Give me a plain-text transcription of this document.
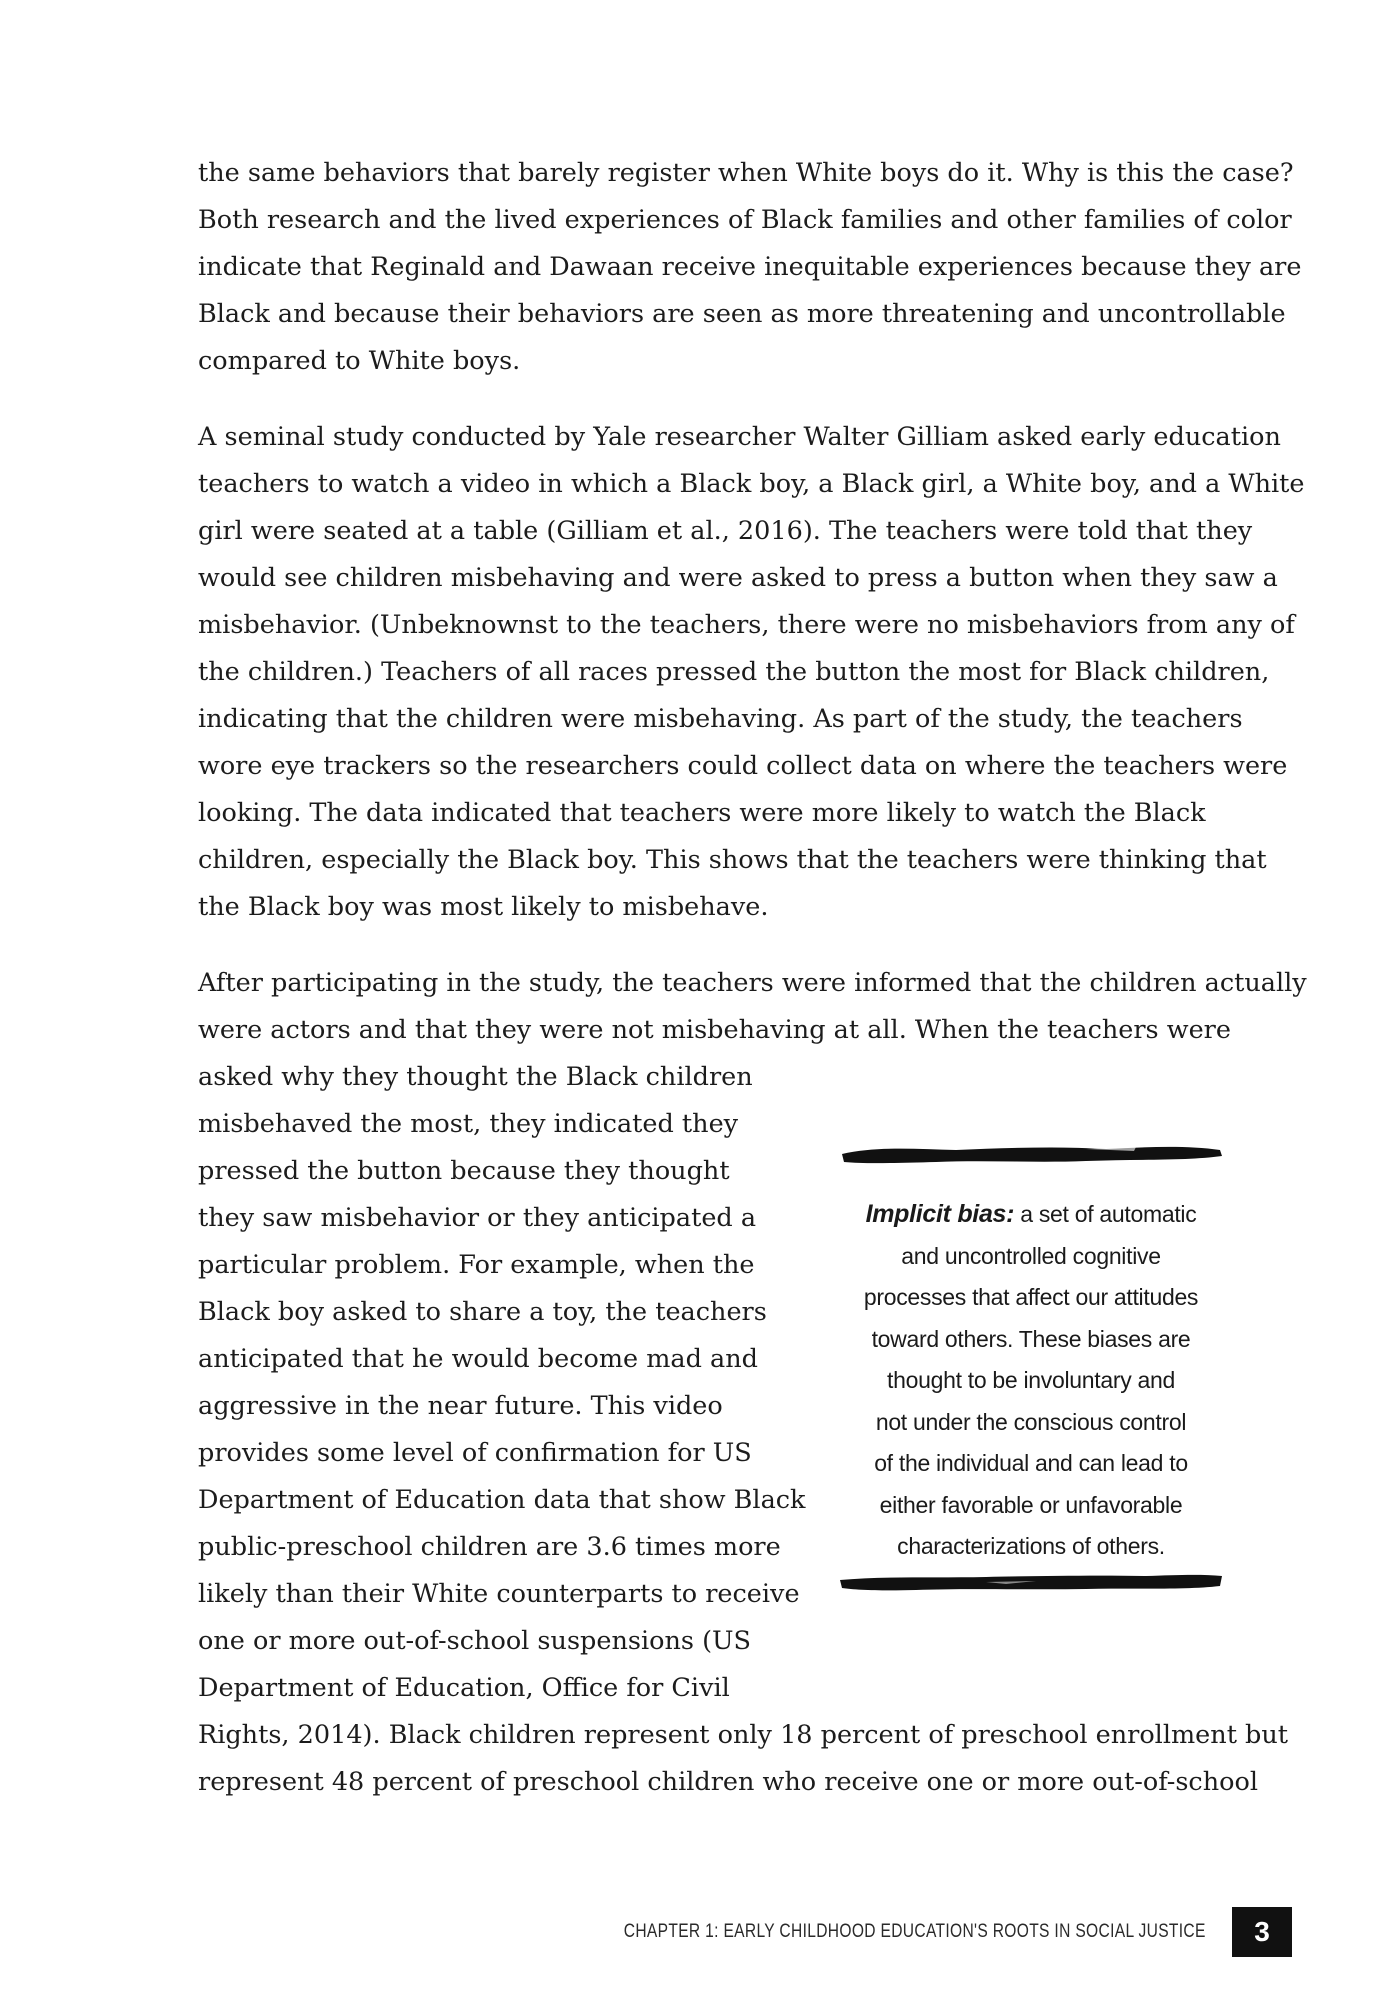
the same behaviors that barely register when White boys do it. Why is this the case?
Both research and the lived experiences of Black families and other families of color
indicate that Reginald and Dawaan receive inequitable experiences because they are
Black and because their behaviors are seen as more threatening and uncontrollable
compared to White boys.
A seminal study conducted by Yale researcher Walter Gilliam asked early education
teachers to watch a video in which a Black boy, a Black girl, a White boy, and a White
girl were seated at a table (Gilliam et al., 2016). The teachers were told that they
would see children misbehaving and were asked to press a button when they saw a
misbehavior. (Unbeknownst to the teachers, there were no misbehaviors from any of
the children.) Teachers of all races pressed the button the most for Black children,
indicating that the children were misbehaving. As part of the study, the teachers
wore eye trackers so the researchers could collect data on where the teachers were
looking. The data indicated that teachers were more likely to watch the Black
children, especially the Black boy. This shows that the teachers were thinking that
the Black boy was most likely to misbehave.
After participating in the study, the teachers were informed that the children actually
were actors and that they were not misbehaving at all. When the teachers were
asked why they thought the Black children
misbehaved the most, they indicated they
pressed the button because they thought
they saw misbehavior or they anticipated a
particular problem. For example, when the
Black boy asked to share a toy, the teachers
anticipated that he would become mad and
aggressive in the near future. This video
provides some level of confirmation for US
Department of Education data that show Black
public-preschool children are 3.6 times more
likely than their White counterparts to receive
one or more out-of-school suspensions (US
Department of Education, Office for Civil
Rights, 2014). Black children represent only 18 percent of preschool enrollment but
represent 48 percent of preschool children who receive one or more out-of-school
Implicit bias: a set of automatic
and uncontrolled cognitive
processes that affect our attitudes
toward others. These biases are
thought to be involuntary and
not under the conscious control
of the individual and can lead to
either favorable or unfavorable
characterizations of others.
CHAPTER 1: EARLY CHILDHOOD EDUCATION'S ROOTS IN SOCIAL JUSTICE	3
